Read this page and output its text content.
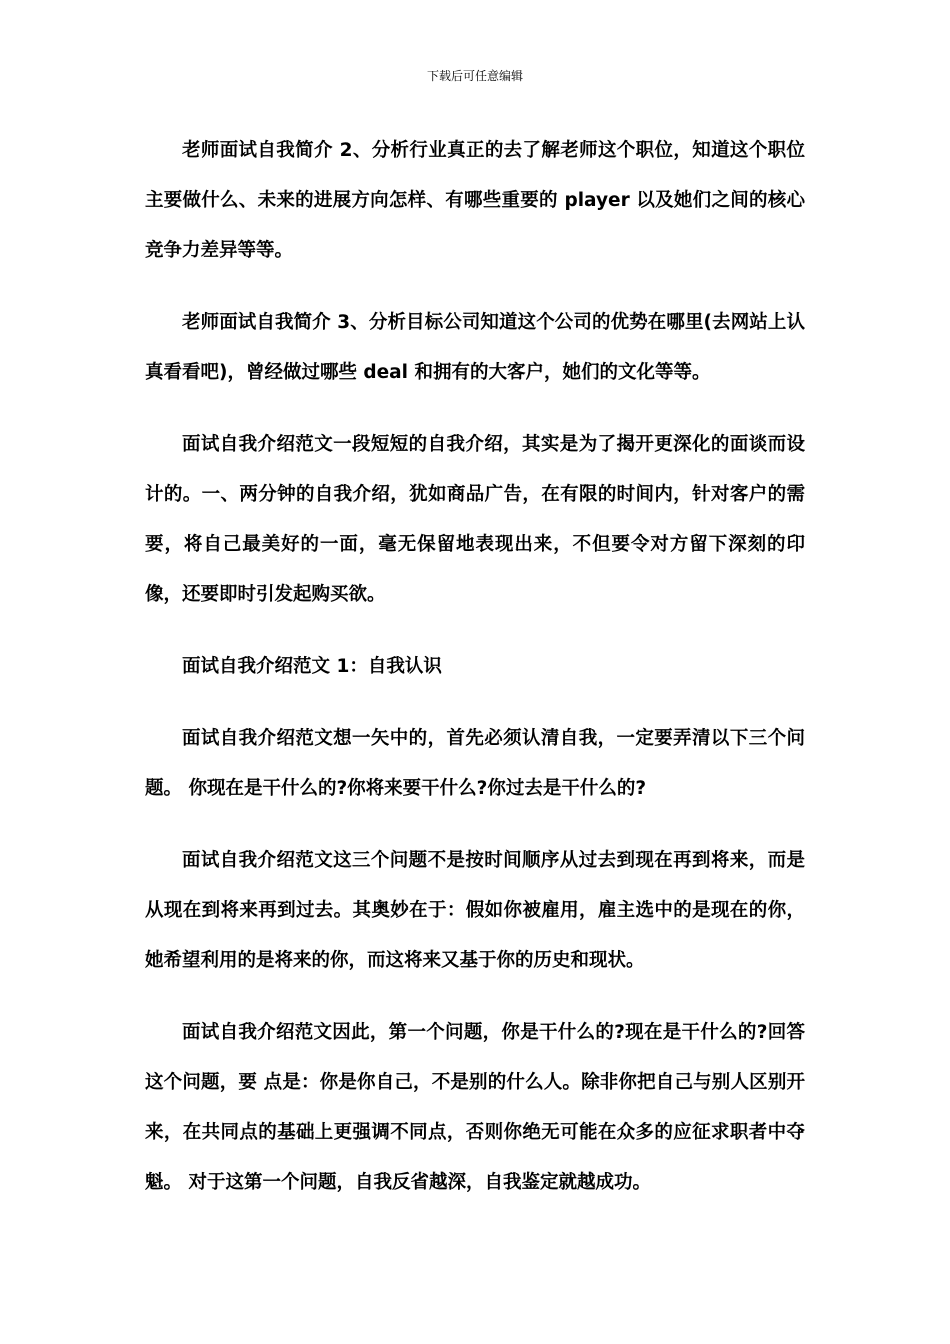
下载后可任意编辑

老师面试自我简介 2、分析行业真正的去了解老师这个职位，知道这个职位主要做什么、未来的进展方向怎样、有哪些重要的 player 以及她们之间的核心竞争力差异等等。

老师面试自我简介 3、分析目标公司知道这个公司的优势在哪里(去网站上认真看看吧)，曾经做过哪些 deal 和拥有的大客户，她们的文化等等。

面试自我介绍范文一段短短的自我介绍，其实是为了揭开更深化的面谈而设计的。一、两分钟的自我介绍，犹如商品广告，在有限的时间内，针对客户的需要，将自己最美好的一面，毫无保留地表现出来，不但要令对方留下深刻的印像，还要即时引发起购买欲。

面试自我介绍范文 1：自我认识

面试自我介绍范文想一矢中的，首先必须认清自我，一定要弄清以下三个问题。 你现在是干什么的?你将来要干什么?你过去是干什么的?

面试自我介绍范文这三个问题不是按时间顺序从过去到现在再到将来，而是从现在到将来再到过去。其奥妙在于：假如你被雇用，雇主选中的是现在的你，她希望利用的是将来的你，而这将来又基于你的历史和现状。

面试自我介绍范文因此，第一个问题，你是干什么的?现在是干什么的?回答这个问题，要 点是：你是你自己，不是别的什么人。除非你把自己与别人区别开 来，在共同点的基础上更强调不同点，否则你绝无可能在众多的应征求职者中夺魁。 对于这第一个问题，自我反省越深，自我鉴定就越成功。
